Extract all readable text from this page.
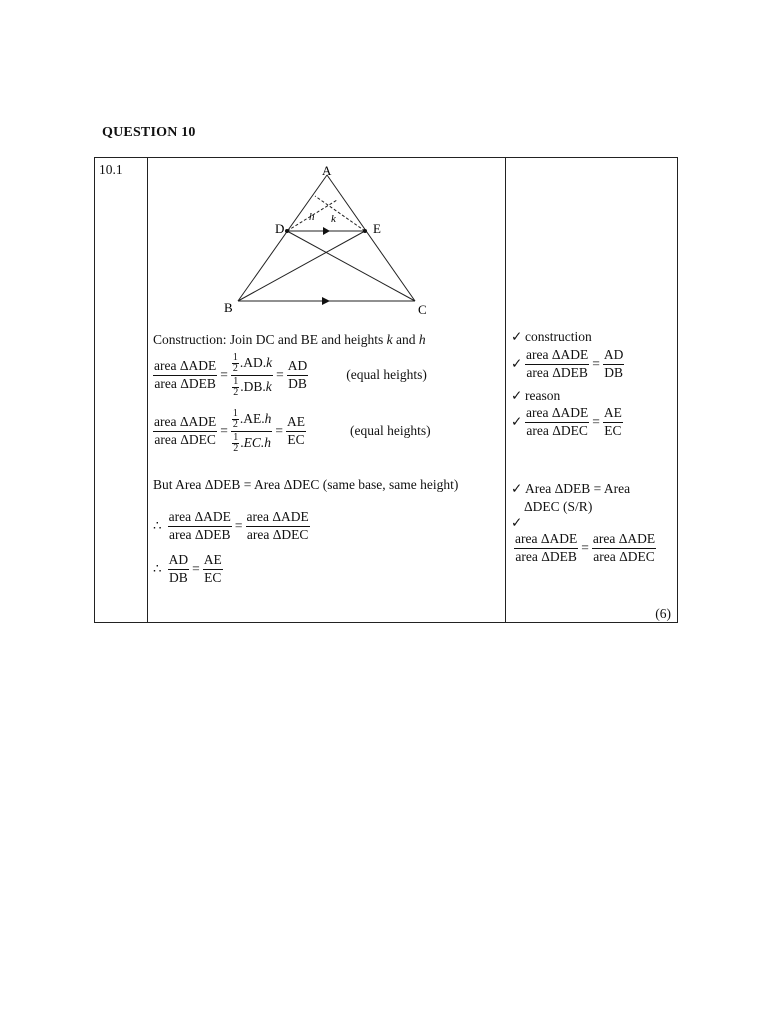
QUESTION 10
10.1	A
D	E
B	C
h k
Construction: Join DC and BE and heights k and h
$\frac{\text{area ΔADE}}{\text{area ΔDEB}} = 1$
2 .AD. k
1
2 .DB. $k = \frac{AD}{DB}$	(equal heights)
$\frac{\text{area ΔADE}}{\text{area ΔDEC}} = 1$
2 .AE. h
1
2 . $EC.h = \frac{AE}{EC}$	(equal heights)
But Area ΔDEB = Area ΔDEC (same base, same height)
∴ $\frac{\text{area ΔADE}}{\text{area ΔDEB}} = \frac{\text{area ΔADE}}{\text{area ΔDEC}}$
∴ $\frac{AD}{DB} = \frac{AE}{EC}$

✓ construction
✓ $\frac{\text{area ΔADE}}{\text{area ΔDEB}} = \frac{AD}{DB}$
✓ reason
✓ $\frac{\text{area ΔADE}}{\text{area ΔDEC}} = \frac{AE}{EC}$
✓ Area ΔDEB = Area
ΔDEC (S/R)
✓
$\frac{\text{area ΔADE}}{\text{area ΔDEB}} = \frac{\text{area ΔADE}}{\text{area ΔDEC}}$
(6)
